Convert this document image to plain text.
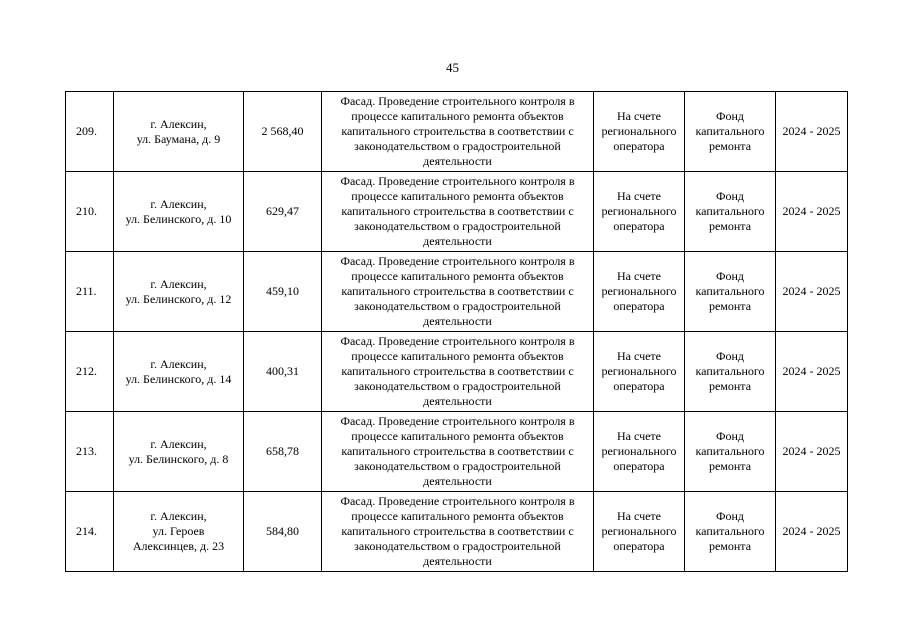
45
209.	г. Алексин,
ул. Баумана, д. 9	2 568,40	Фасад. Проведение строительного контроля в
процессе капитального ремонта объектов
капитального строительства в соответствии с
законодательством о градостроительной
деятельности	На счете
регионального
оператора	Фонд
капитального
ремонта	2024 - 2025
210.	г. Алексин,
ул. Белинского, д. 10	629,47	Фасад. Проведение строительного контроля в
процессе капитального ремонта объектов
капитального строительства в соответствии с
законодательством о градостроительной
деятельности	На счете
регионального
оператора	Фонд
капитального
ремонта	2024 - 2025
211.	г. Алексин,
ул. Белинского, д. 12	459,10	Фасад. Проведение строительного контроля в
процессе капитального ремонта объектов
капитального строительства в соответствии с
законодательством о градостроительной
деятельности	На счете
регионального
оператора	Фонд
капитального
ремонта	2024 - 2025
212.	г. Алексин,
ул. Белинского, д. 14	400,31	Фасад. Проведение строительного контроля в
процессе капитального ремонта объектов
капитального строительства в соответствии с
законодательством о градостроительной
деятельности	На счете
регионального
оператора	Фонд
капитального
ремонта	2024 - 2025
213.	г. Алексин,
ул. Белинского, д. 8	658,78	Фасад. Проведение строительного контроля в
процессе капитального ремонта объектов
капитального строительства в соответствии с
законодательством о градостроительной
деятельности	На счете
регионального
оператора	Фонд
капитального
ремонта	2024 - 2025
214.	г. Алексин,
ул. Героев
Алексинцев, д. 23	584,80	Фасад. Проведение строительного контроля в
процессе капитального ремонта объектов
капитального строительства в соответствии с
законодательством о градостроительной
деятельности	На счете
регионального
оператора	Фонд
капитального
ремонта	2024 - 2025
